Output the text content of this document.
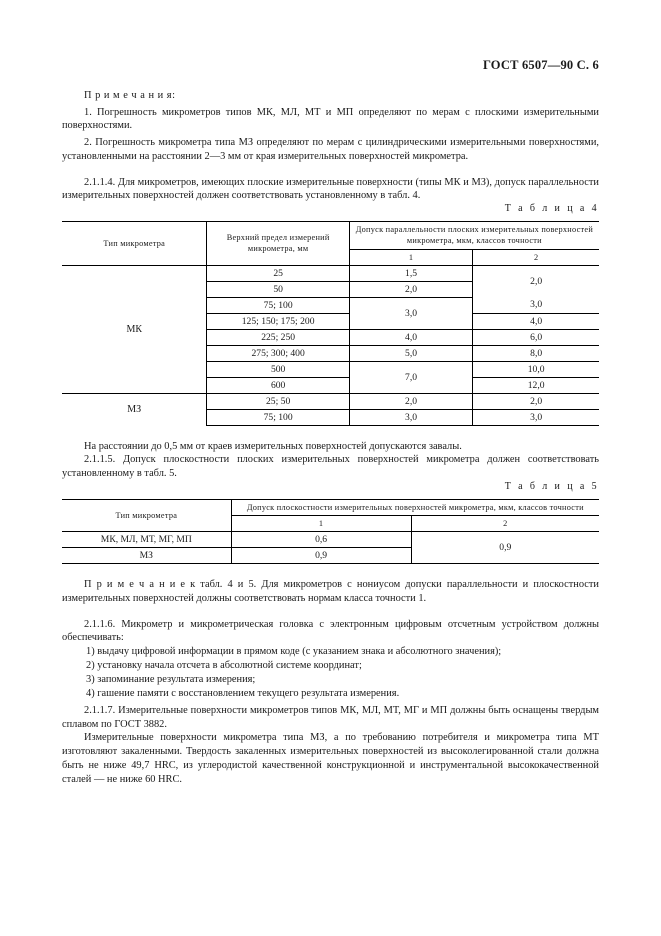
ГОСТ 6507—90 С. 6

П р и м е ч а н и я:

1. Погрешность микрометров типов МК, МЛ, МТ и МП определяют по мерам с плоскими измерительными поверхностями.

2. Погрешность микрометра типа МЗ определяют по мерам с цилиндрическими измерительными поверхностями, установленными на расстоянии 2—3 мм от края измерительных поверхностей микрометра.

2.1.1.4. Для микрометров, имеющих плоские измерительные поверхности (типы МК и МЗ), допуск параллельности измерительных поверхностей должен соответствовать установленному в табл. 4.

Т а б л и ц а 4

Тип микрометра	Верхний предел измерений микрометра, мм	Допуск параллельности плоских измерительных поверхностей микрометра, мкм, классов точности	
		1	2
МК	25	1,5	2,0
	50	2,0	
	75; 100	3,0	3,0
	125; 150; 175; 200		4,0
	225; 250	4,0	6,0
	275; 300; 400	5,0	8,0
	500	7,0	10,0
	600		12,0
МЗ	25; 50	2,0	2,0
	75; 100	3,0	3,0

На расстоянии до 0,5 мм от краев измерительных поверхностей допускаются завалы.

2.1.1.5. Допуск плоскостности плоских измерительных поверхностей микрометра должен соответствовать установленному в табл. 5.

Т а б л и ц а 5

Тип микрометра	Допуск плоскостности измерительных поверхностей микрометра, мкм, классов точности	
	1	2
МК, МЛ, МТ, МГ, МП	0,6	0,9
МЗ	0,9	

П р и м е ч а н и е к табл. 4 и 5. Для микрометров с нониусом допуски параллельности и плоскостности измерительных поверхностей должны соответствовать нормам класса точности 1.

2.1.1.6. Микрометр и микрометрическая головка с электронным цифровым отсчетным устройством должны обеспечивать:

1) выдачу цифровой информации в прямом коде (с указанием знака и абсолютного значения);

2) установку начала отсчета в абсолютной системе координат;

3) запоминание результата измерения;

4) гашение памяти с восстановлением текущего результата измерения.

2.1.1.7. Измерительные поверхности микрометров типов МК, МЛ, МТ, МГ и МП должны быть оснащены твердым сплавом по ГОСТ 3882.

Измерительные поверхности микрометра типа МЗ, а по требованию потребителя и микрометра типа МТ изготовляют закаленными. Твердость закаленных измерительных поверхностей из высоколегированной стали должна быть не ниже 49,7 HRC, из углеродистой качественной конструкционной и инструментальной высококачественной сталей — не ниже 60 HRC.
